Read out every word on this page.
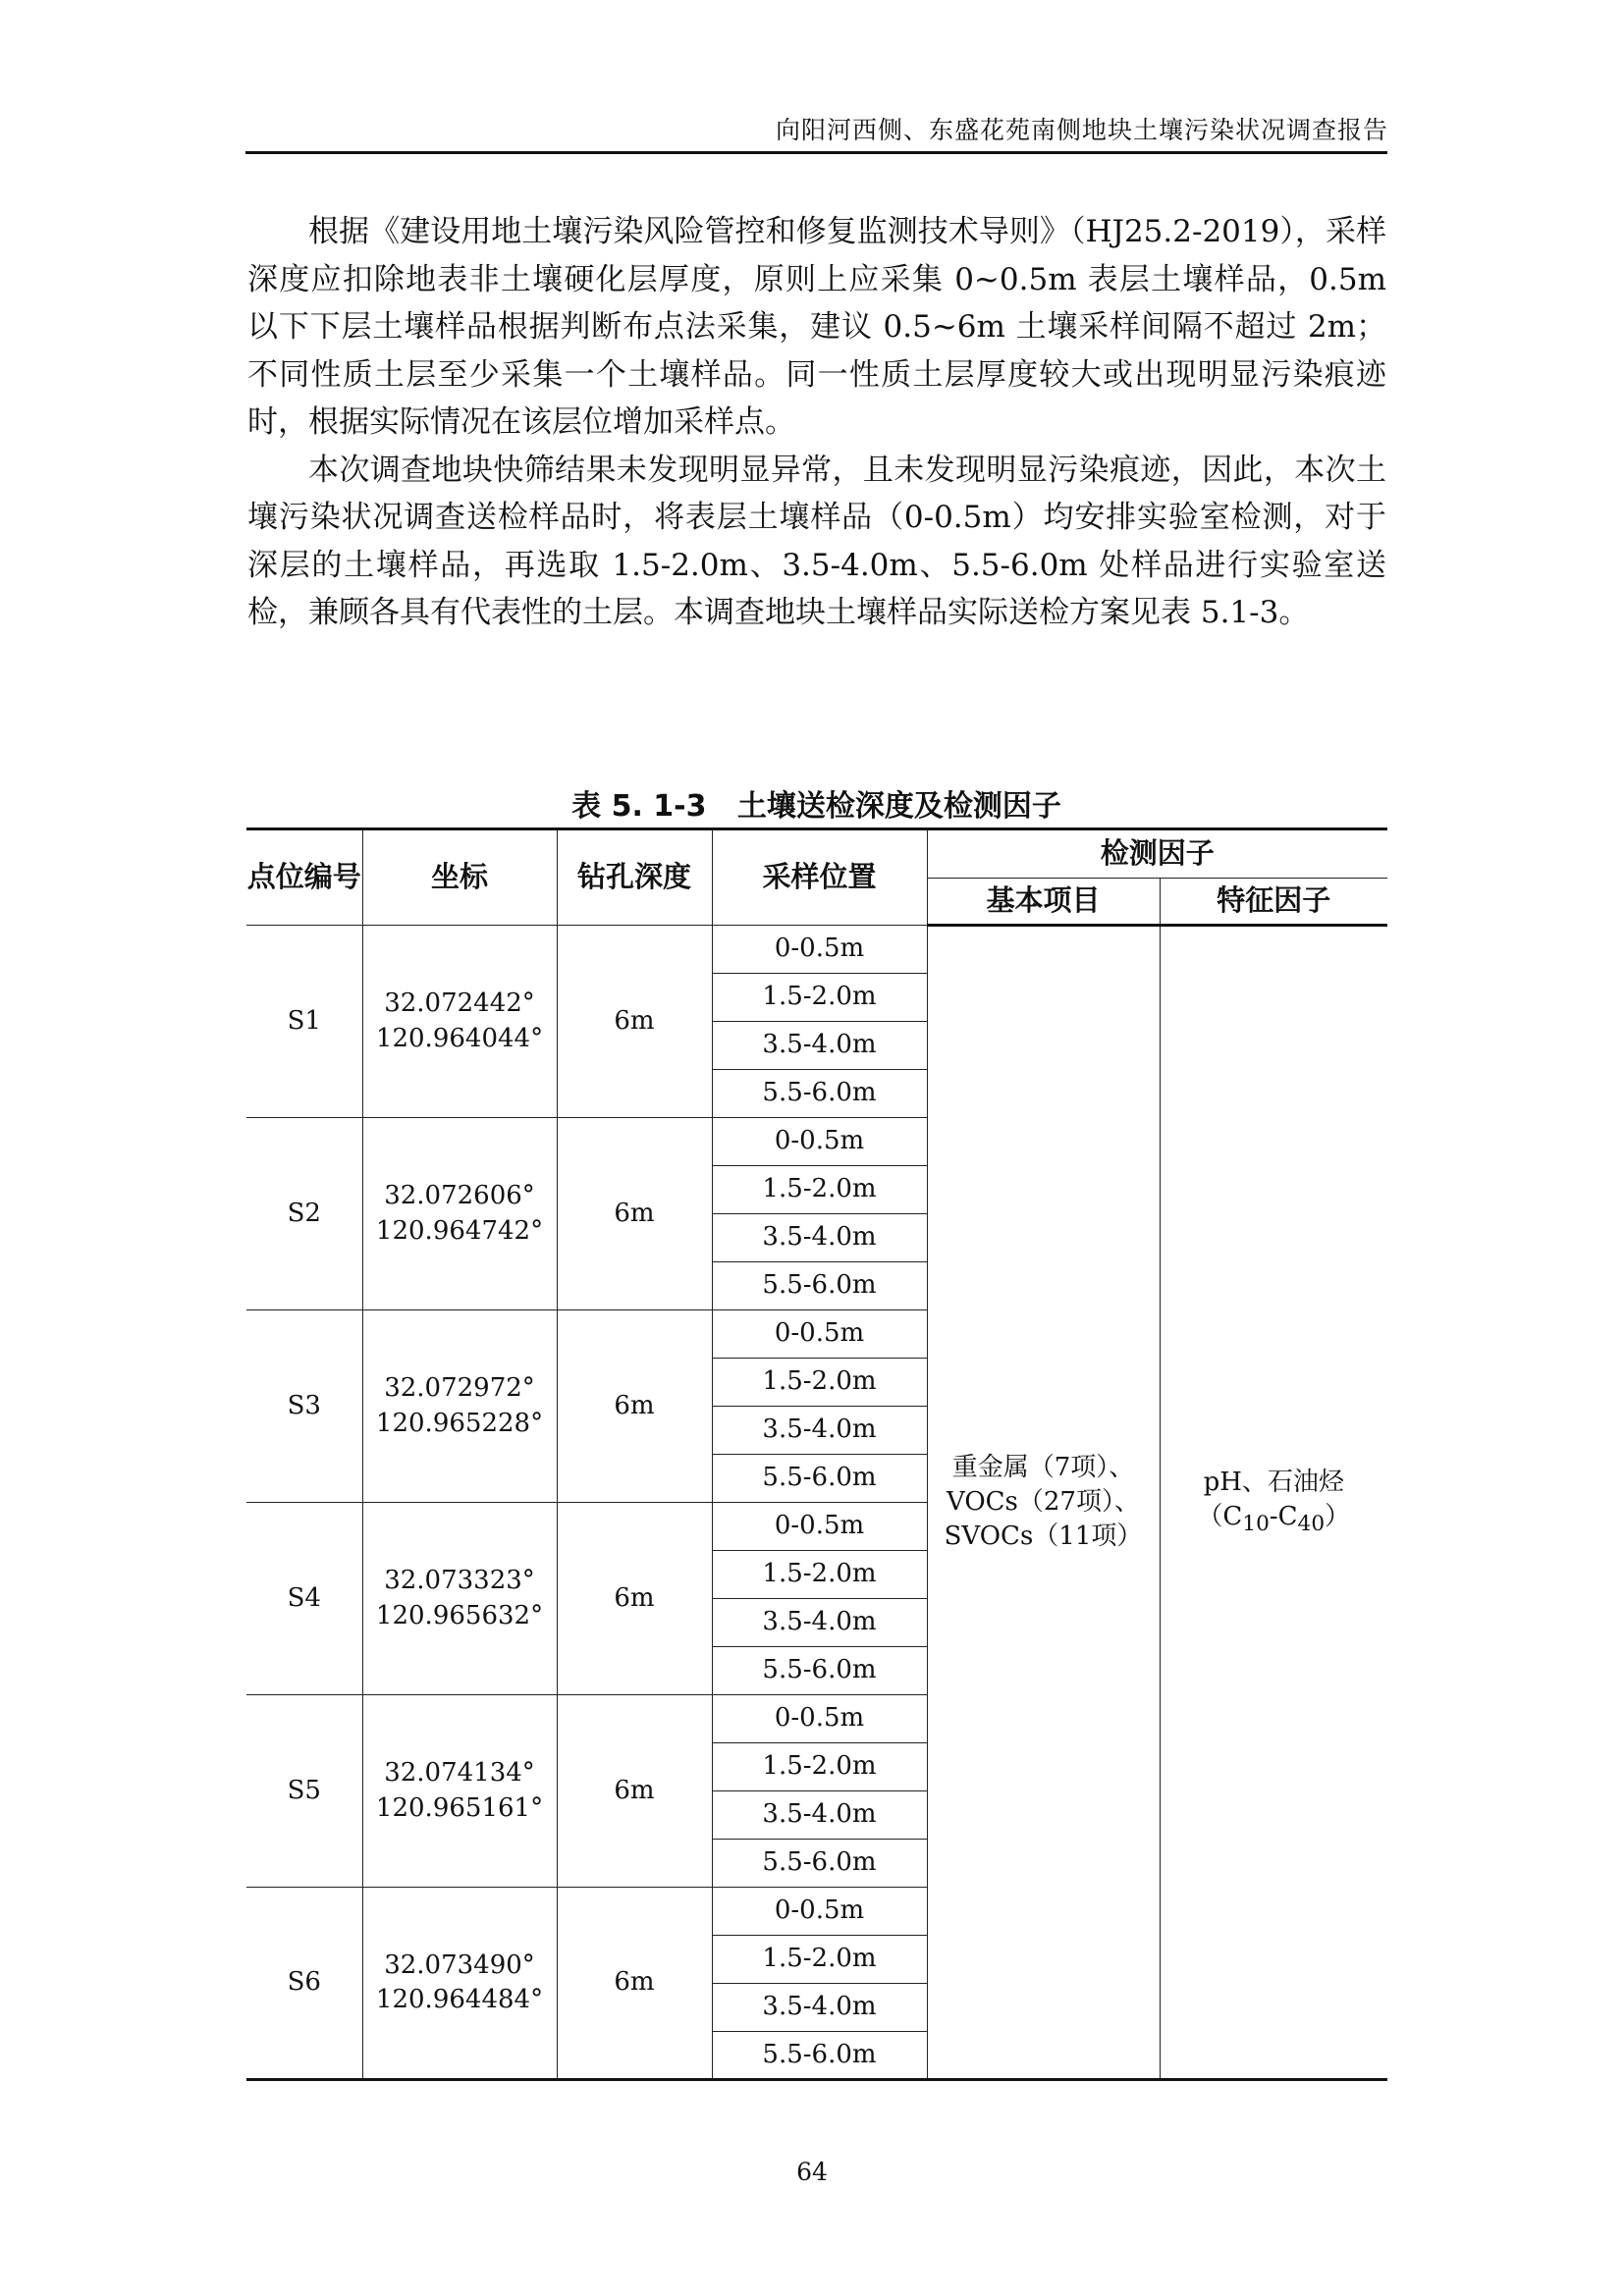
向阳河西侧、东盛花苑南侧地块土壤污染状况调查报告

根据《建设用地土壤污染风险管控和修复监测技术导则》（HJ25.2-2019），采样深度应扣除地表非土壤硬化层厚度，原则上应采集 0~0.5m 表层土壤样品，0.5m 以下下层土壤样品根据判断布点法采集，建议 0.5~6m 土壤采样间隔不超过 2m；不同性质土层至少采集一个土壤样品。同一性质土层厚度较大或出现明显污染痕迹时，根据实际情况在该层位增加采样点。

本次调查地块快筛结果未发现明显异常，且未发现明显污染痕迹，因此，本次土壤污染状况调查送检样品时，将表层土壤样品（0-0.5m）均安排实验室检测，对于深层的土壤样品，再选取 1.5-2.0m、3.5-4.0m、5.5-6.0m 处样品进行实验室送检，兼顾各具有代表性的土层。本调查地块土壤样品实际送检方案见表 5.1-3。

表 5. 1-3   土壤送检深度及检测因子
点位编号	坐标	钻孔深度	采样位置	检测因子	
				基本项目	特征因子
S1	32.072442°
120.964044°	6m	0-0.5m	重金属（7项）、
VOCs（27项）、
SVOCs（11项）	pH、石油烃
$(C_{10}-C_{40})$

			1.5-2.0m		
			3.5-4.0m		
			5.5-6.0m		
S2	32.072606°
120.964742°	6m	0-0.5m		
			1.5-2.0m		
			3.5-4.0m		
			5.5-6.0m		
S3	32.072972°
120.965228°	6m	0-0.5m		
			1.5-2.0m		
			3.5-4.0m		
			5.5-6.0m		
S4	32.073323°
120.965632°	6m	0-0.5m		
			1.5-2.0m		
			3.5-4.0m		
			5.5-6.0m		
S5	32.074134°
120.965161°	6m	0-0.5m		
			1.5-2.0m		
			3.5-4.0m		
			5.5-6.0m		
S6	32.073490°
120.964484°	6m	0-0.5m		
			1.5-2.0m		
			3.5-4.0m		
			5.5-6.0m		
64
